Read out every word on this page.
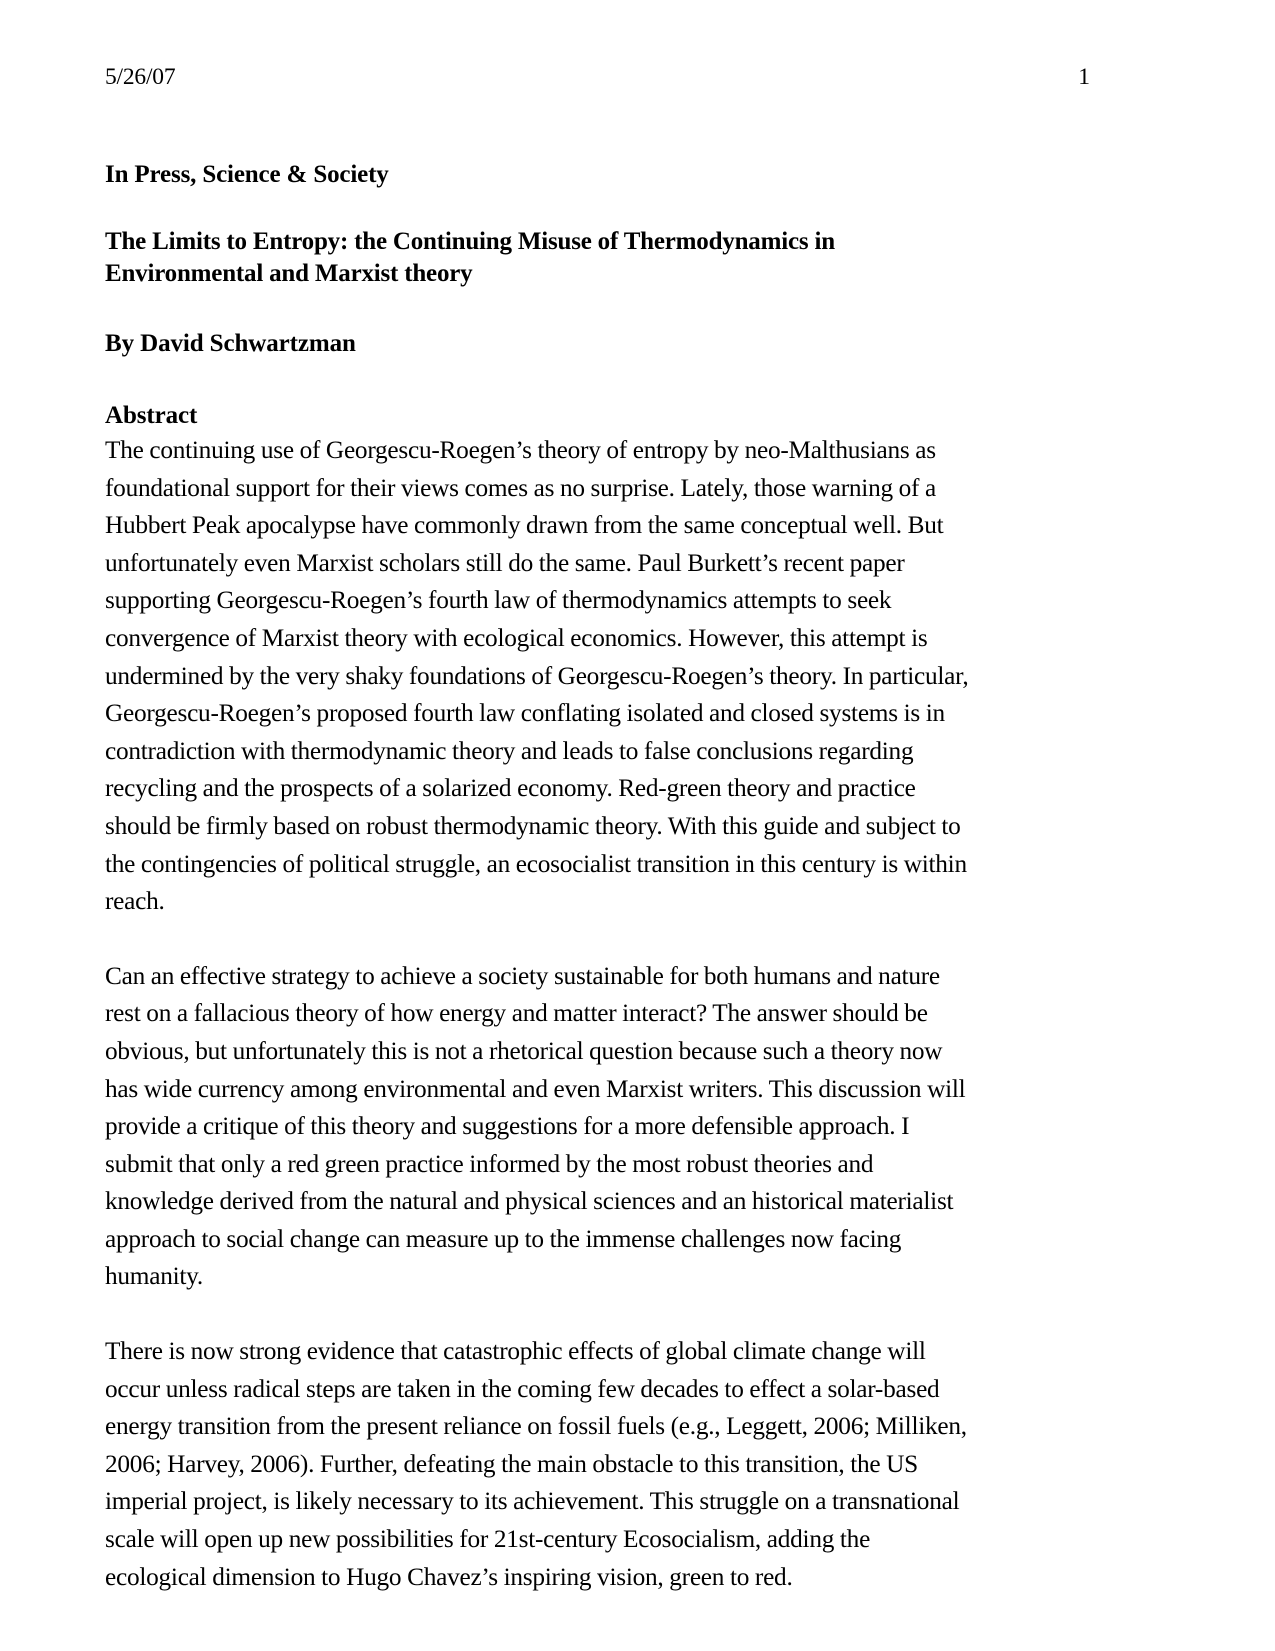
5/26/07	1
In Press, Science & Society
The Limits to Entropy: the Continuing Misuse of Thermodynamics in Environmental and Marxist theory
By David Schwartzman
Abstract
The continuing use of Georgescu-Roegen’s theory of entropy by neo-Malthusians as
foundational support for their views comes as no surprise. Lately, those warning of a
Hubbert Peak apocalypse have commonly drawn from the same conceptual well. But
unfortunately even Marxist scholars still do the same. Paul Burkett’s recent paper
supporting Georgescu-Roegen’s fourth law of thermodynamics attempts to seek
convergence of Marxist theory with ecological economics. However, this attempt is
undermined by the very shaky foundations of Georgescu-Roegen’s theory. In particular,
Georgescu-Roegen’s proposed fourth law conflating isolated and closed systems is in
contradiction with thermodynamic theory and leads to false conclusions regarding
recycling and the prospects of a solarized economy. Red-green theory and practice
should be firmly based on robust thermodynamic theory. With this guide and subject to
the contingencies of political struggle, an ecosocialist transition in this century is within
reach.
Can an effective strategy to achieve a society sustainable for both humans and nature
rest on a fallacious theory of how energy and matter interact? The answer should be
obvious, but unfortunately this is not a rhetorical question because such a theory now
has wide currency among environmental and even Marxist writers. This discussion will
provide a critique of this theory and suggestions for a more defensible approach. I
submit that only a red green practice informed by the most robust theories and
knowledge derived from the natural and physical sciences and an historical materialist
approach to social change can measure up to the immense challenges now facing
humanity.
There is now strong evidence that catastrophic effects of global climate change will
occur unless radical steps are taken in the coming few decades to effect a solar-based
energy transition from the present reliance on fossil fuels (e.g., Leggett, 2006; Milliken,
2006; Harvey, 2006). Further, defeating the main obstacle to this transition, the US
imperial project, is likely necessary to its achievement. This struggle on a transnational
scale will open up new possibilities for 21st-century Ecosocialism, adding the
ecological dimension to Hugo Chavez’s inspiring vision, green to red.
